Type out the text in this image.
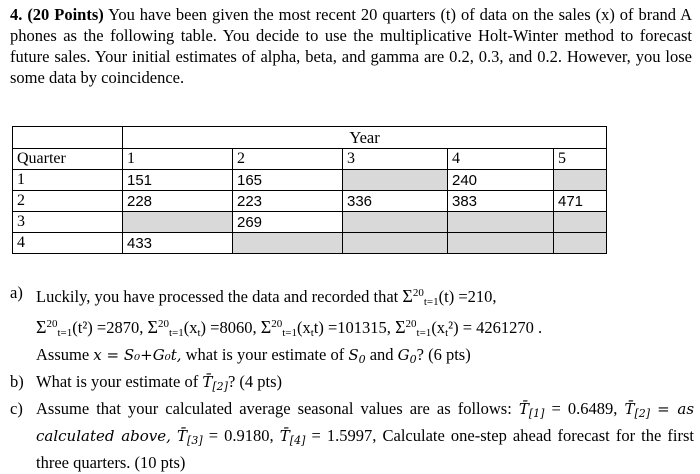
4. (20 Points) You have been given the most recent 20 quarters (t) of data on the sales (x) of brand A phones as the following table. You decide to use the multiplicative Holt-Winter method to forecast future sales. Your initial estimates of alpha, beta, and gamma are 0.2, 0.3, and 0.2. However, you lose some data by coincidence.

	Year				
Quarter	1	2	3	4	5
1	151	165		240	
2	228	223	336	383	471
3		269			
4	433				
a) Luckily, you have processed the data and recorded that $\Sigma^{20}_{t=1}(t) =210$,
$\Sigma^{20}_{t=1}(t^2) =2870$, $\Sigma^{20}_{t=1}(x_t) =8060$, $\Sigma^{20}_{t=1}(x_tt) =101315$, $\Sigma^{20}_{t=1}(x_t^2) = 4261270$ .
Assume x = S₀+G₀t, what is your estimate of $S_0$ and $G_0$? (6 pts)
b) What is your estimate of $T̄_{[2]}$? (4 pts)
c) Assume that your calculated average seasonal values are as follows: $T̄_{[1]} = 0.6489$, $T̄_{[2]}$ = as calculated above, $T̄_{[3]} = 0.9180$, $T̄_{[4]} = 1.5997$, Calculate one-step ahead forecast for the first three quarters. (10 pts)
